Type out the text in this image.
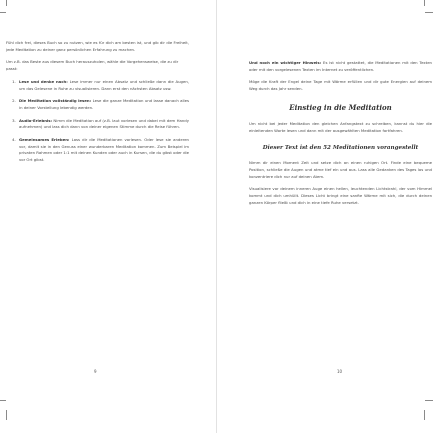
Fühl dich frei, dieses Buch so zu nutzen, wie es für dich am besten ist, und gib dir die Freiheit, jede Meditation zu deiner ganz persönlichen Erfahrung zu machen.

Um z.B. das Beste aus diesem Buch herauszuholen, wähle die Vorgehensweise, die zu dir passt:

1. Lese und denke nach: Lese immer nur einen Absatz und schließe dann die Augen, um das Gelesene in Ruhe zu visualisieren. Dann erst den nächsten Absatz usw.
2. Die Meditation vollständig lesen: Lese die ganze Meditation und lasse danach alles in deiner Vorstellung lebendig werden.
3. Audio-Erlebnis: Nimm die Meditation auf (z.B. laut vorlesen und dabei mit dem Handy aufnehmen) und lass dich dann von deiner eigenen Stimme durch die Reise führen.
4. Gemeinsames Erleben: Lass dir die Meditationen vorlesen. Oder lese sie anderen vor, damit sie in den Genuss einer wunderbaren Meditation kommen. Zum Beispiel im privaten Rahmen oder 1:1 mit deinen Kunden oder auch in Kursen, die du gibst oder die vor Ort gibst.
9

Und noch ein wichtiger Hinweis: Es ist nicht gestattet, die Meditationen mit den Texten oder mit den vorgelesenen Texten im Internet zu veröffentlichen.

Möge die Kraft der Engel deine Tage mit Wärme erfüllen und dir gute Energien auf deinem Weg durch das Jahr senden.

Einstieg in die Meditation

Um nicht bei jeder Meditation den gleichen Anfangstext zu schreiben, kannst du hier die einleitenden Worte lesen und dann mit der ausgewählten Meditation fortfahren.

Dieser Text ist den 52 Meditationen vorangestellt

Nimm dir einen Moment Zeit und setze dich an einen ruhigen Ort. Finde eine bequeme Position, schließe die Augen und atme tief ein und aus. Lass alle Gedanken des Tages los und konzentriere dich nur auf deinen Atem.

Visualisiere vor deinem inneren Auge einen hellen, leuchtenden Lichtstrahl, der vom Himmel kommt und dich umhüllt. Dieses Licht bringt eine sanfte Wärme mit sich, die durch deinen ganzen Körper fließt und dich in eine tiefe Ruhe versetzt.

10
